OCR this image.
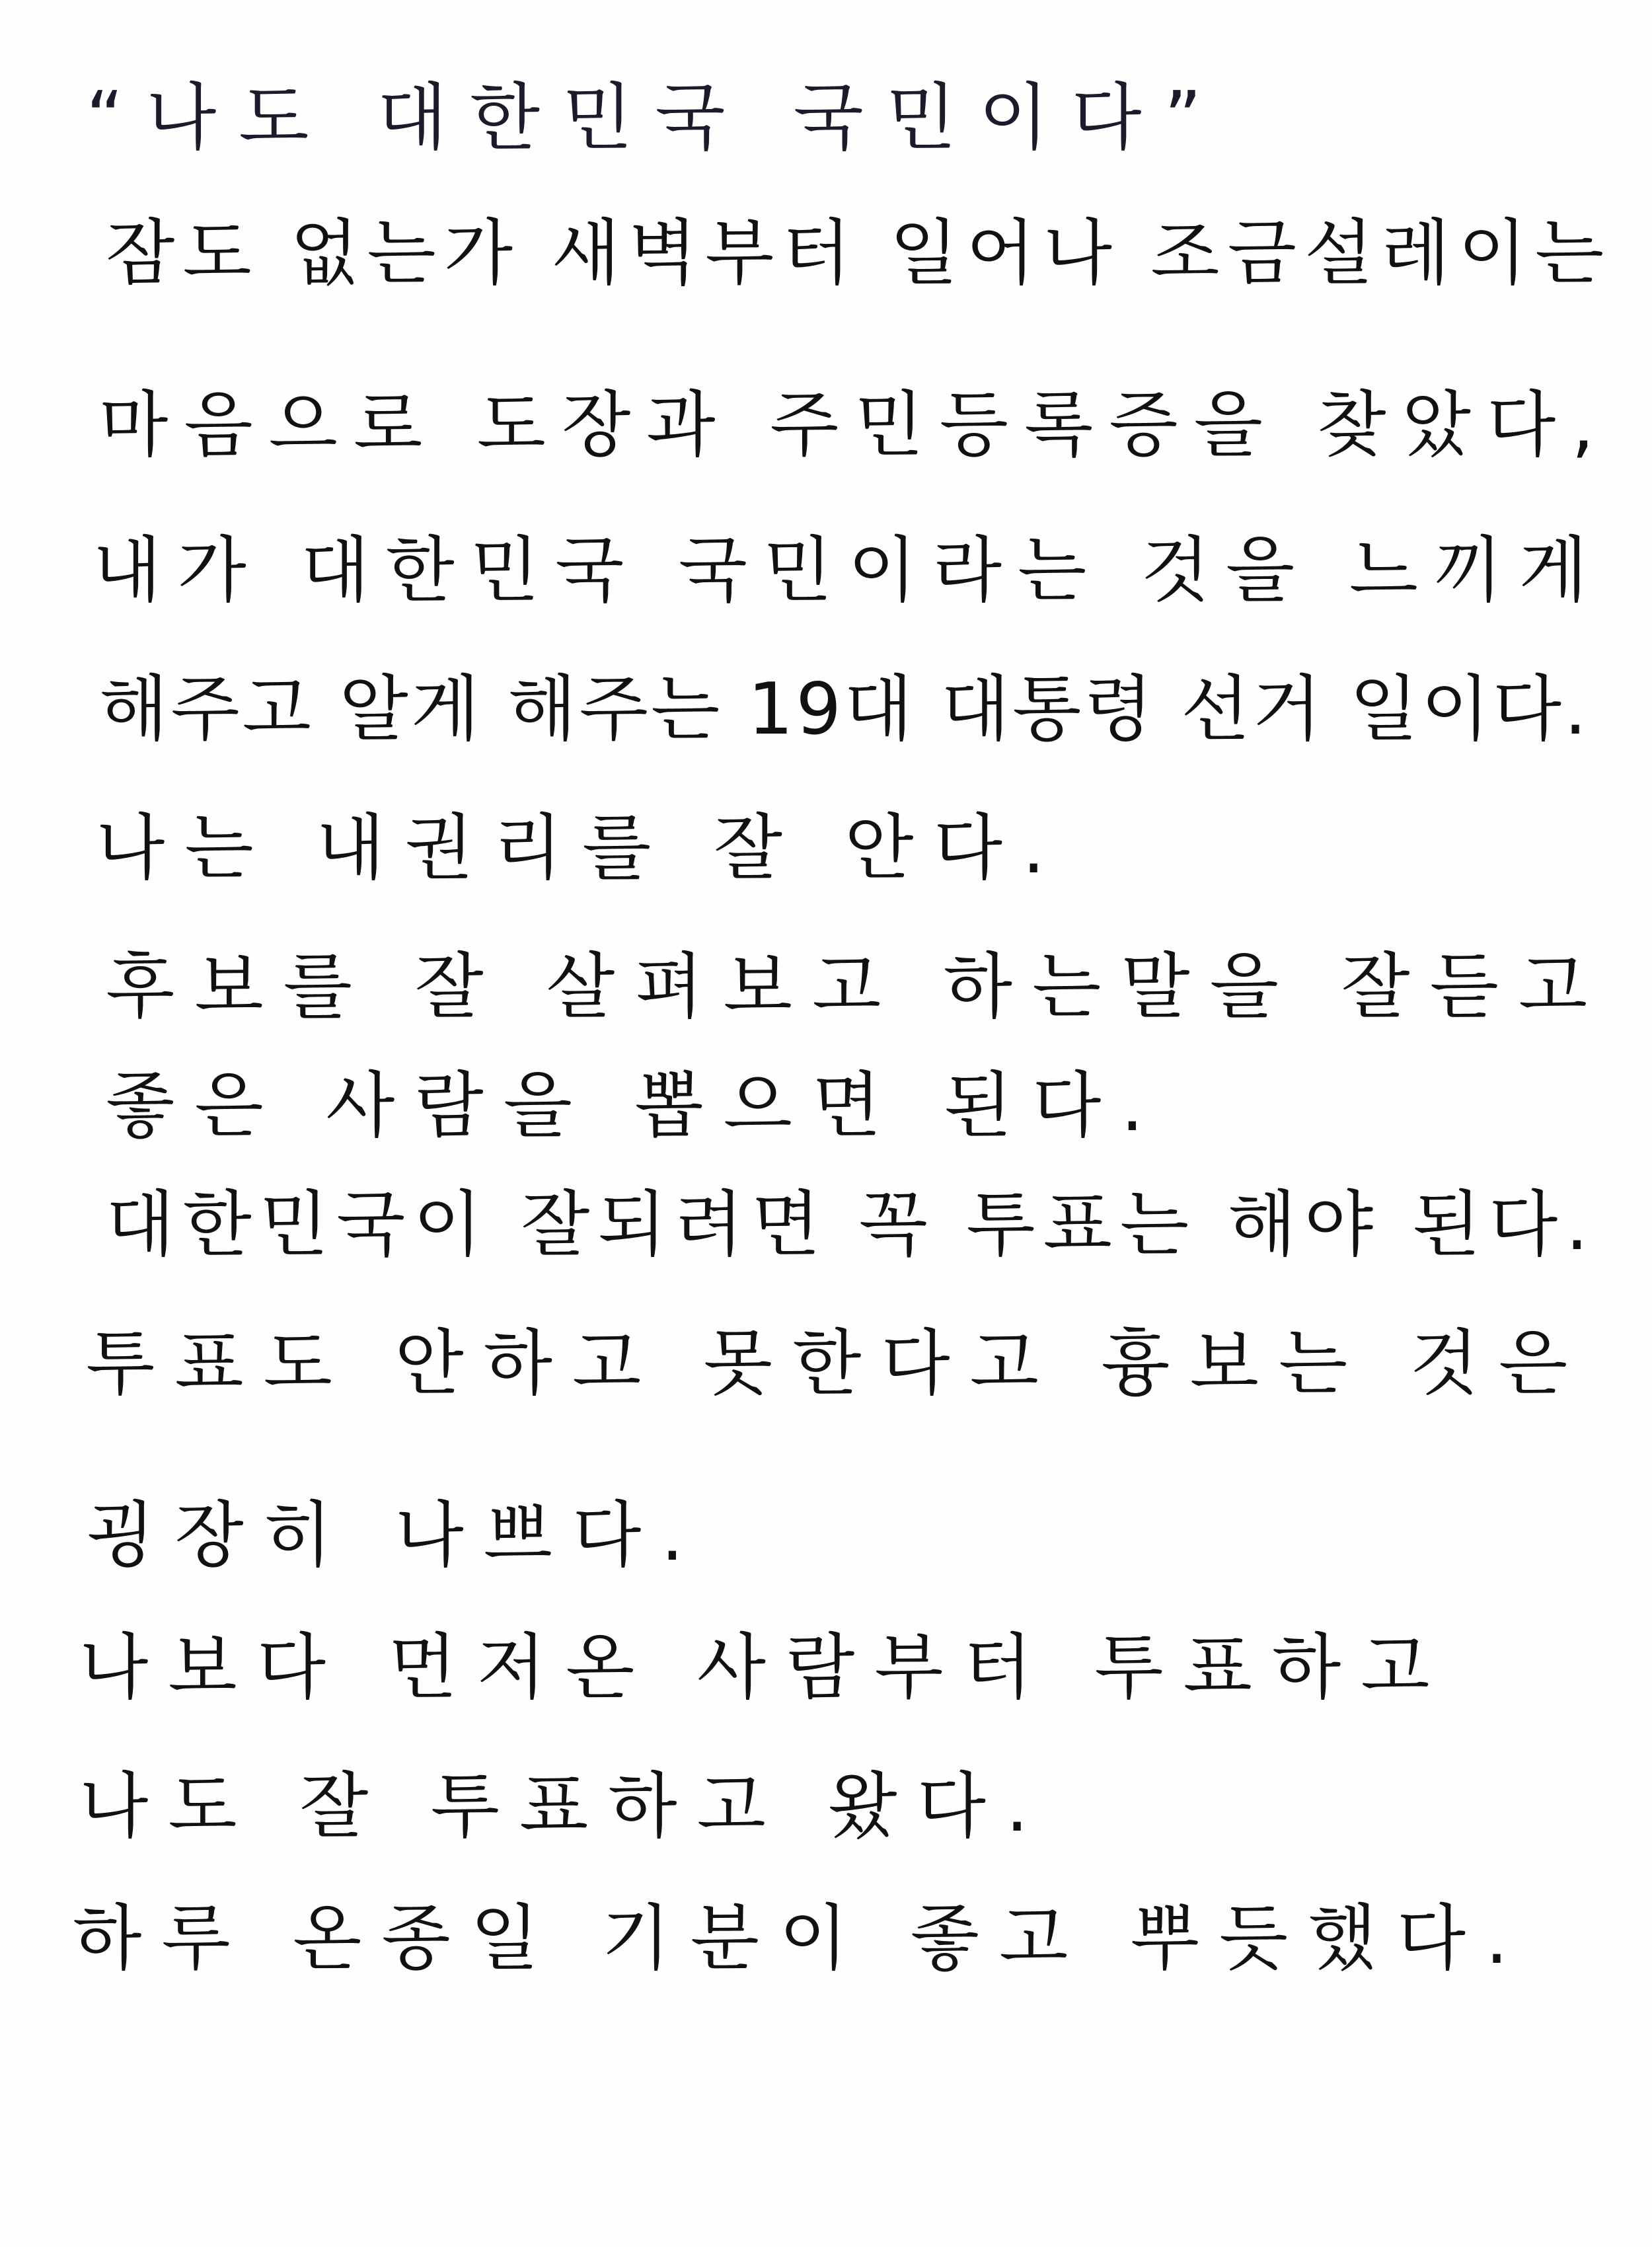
“나도 대한민국 국민이다”
잠도 없는가 새벽부터 일어나 조금설레이는
마음으로 도장과 주민등록증을 찾았다,
내가 대한민국 국민이라는 것을 느끼게
해주고 알게 해주는 19대 대통령 선거 일이다.
나는 내권리를 잘 안다.
후보를 잘 살펴보고 하는말을 잘듣고
좋은 사람을 뽑으면 된다.
대한민국이 잘되려면 꼭 투표는 해야 된다.
투표도 안하고 못한다고 흉보는 것은
굉장히 나쁘다.
나보다 먼저온 사람부터 투표하고
나도 잘 투표하고 왔다.
하루 온종일 기분이 좋고 뿌듯했다.
